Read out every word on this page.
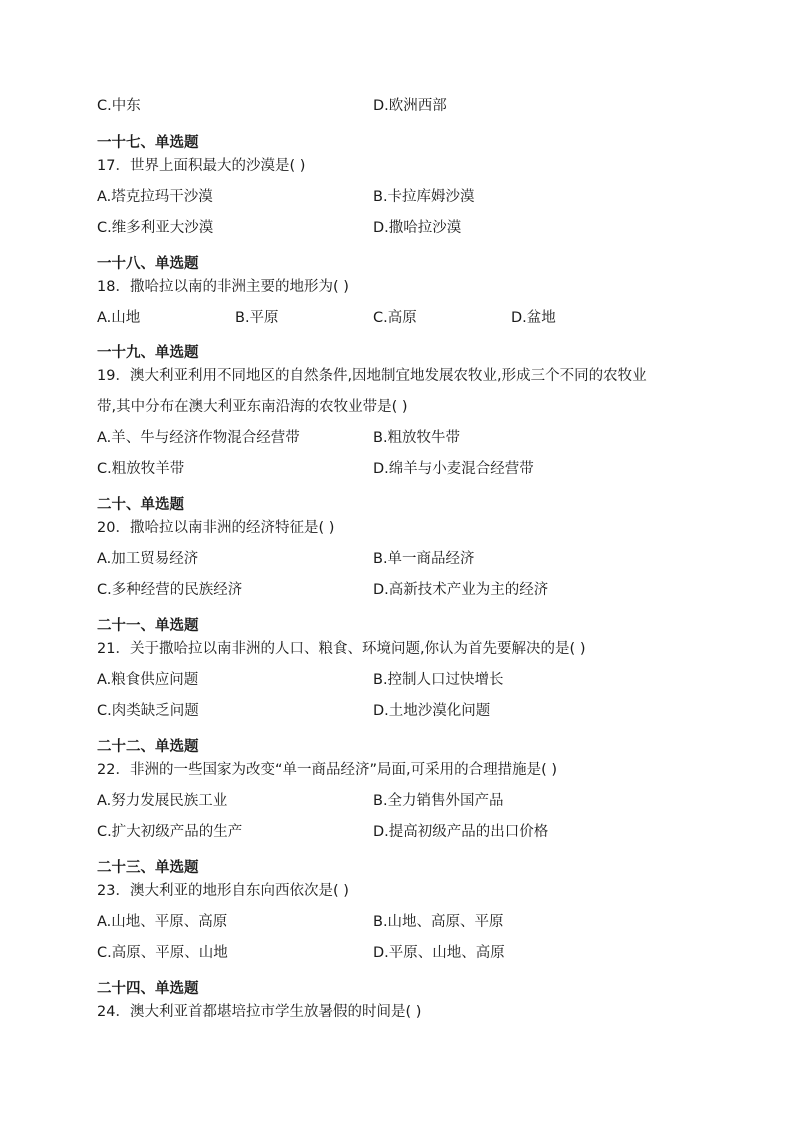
C.中东	D.欧洲西部
一十七、单选题
17．世界上面积最大的沙漠是( )
A.塔克拉玛干沙漠	B.卡拉库姆沙漠
C.维多利亚大沙漠	D.撒哈拉沙漠
一十八、单选题
18．撒哈拉以南的非洲主要的地形为( )
A.山地	B.平原	C.高原	D.盆地
一十九、单选题
19．澳大利亚利用不同地区的自然条件,因地制宜地发展农牧业,形成三个不同的农牧业
带,其中分布在澳大利亚东南沿海的农牧业带是( )
A.羊、牛与经济作物混合经营带	B.粗放牧牛带
C.粗放牧羊带	D.绵羊与小麦混合经营带
二十、单选题
20．撒哈拉以南非洲的经济特征是( )
A.加工贸易经济	B.单一商品经济
C.多种经营的民族经济	D.高新技术产业为主的经济
二十一、单选题
21．关于撒哈拉以南非洲的人口、粮食、环境问题,你认为首先要解决的是( )
A.粮食供应问题	B.控制人口过快增长
C.肉类缺乏问题	D.土地沙漠化问题
二十二、单选题
22．非洲的一些国家为改变“单一商品经济”局面,可采用的合理措施是( )
A.努力发展民族工业	B.全力销售外国产品
C.扩大初级产品的生产	D.提高初级产品的出口价格
二十三、单选题
23．澳大利亚的地形自东向西依次是( )
A.山地、平原、高原	B.山地、高原、平原
C.高原、平原、山地	D.平原、山地、高原
二十四、单选题
24．澳大利亚首都堪培拉市学生放暑假的时间是( )
